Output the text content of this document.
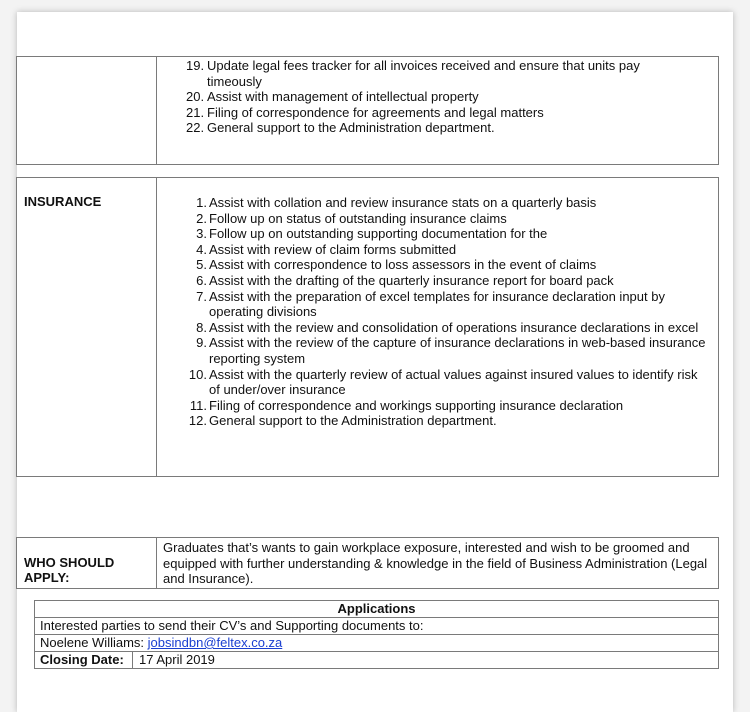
19. Update legal fees tracker for all invoices received and ensure that units pay
timeously
20. Assist with management of intellectual property
21. Filing of correspondence for agreements and legal matters
22. General support to the Administration department.
INSURANCE	1. Assist with collation and review insurance stats on a quarterly basis
2. Follow up on status of outstanding insurance claims
3. Follow up on outstanding supporting documentation for the
4. Assist with review of claim forms submitted
5. Assist with correspondence to loss assessors in the event of claims
6. Assist with the drafting of the quarterly insurance report for board pack
7. Assist with the preparation of excel templates for insurance declaration input by operating divisions
8. Assist with the review and consolidation of operations insurance declarations in excel
9. Assist with the review of the capture of insurance declarations in web-based insurance reporting system
10. Assist with the quarterly review of actual values against insured values to identify risk of under/over insurance
11. Filing of correspondence and workings supporting insurance declaration
12. General support to the Administration department.
WHO SHOULD APPLY:
Graduates that’s wants to gain workplace exposure, interested and wish to be groomed and equipped with further understanding & knowledge in the field of Business Administration (Legal and Insurance).
Applications
Interested parties to send their CV’s and Supporting documents to:
Noelene Williams: jobsindbn@feltex.co.za
Closing Date:	17 April 2019
